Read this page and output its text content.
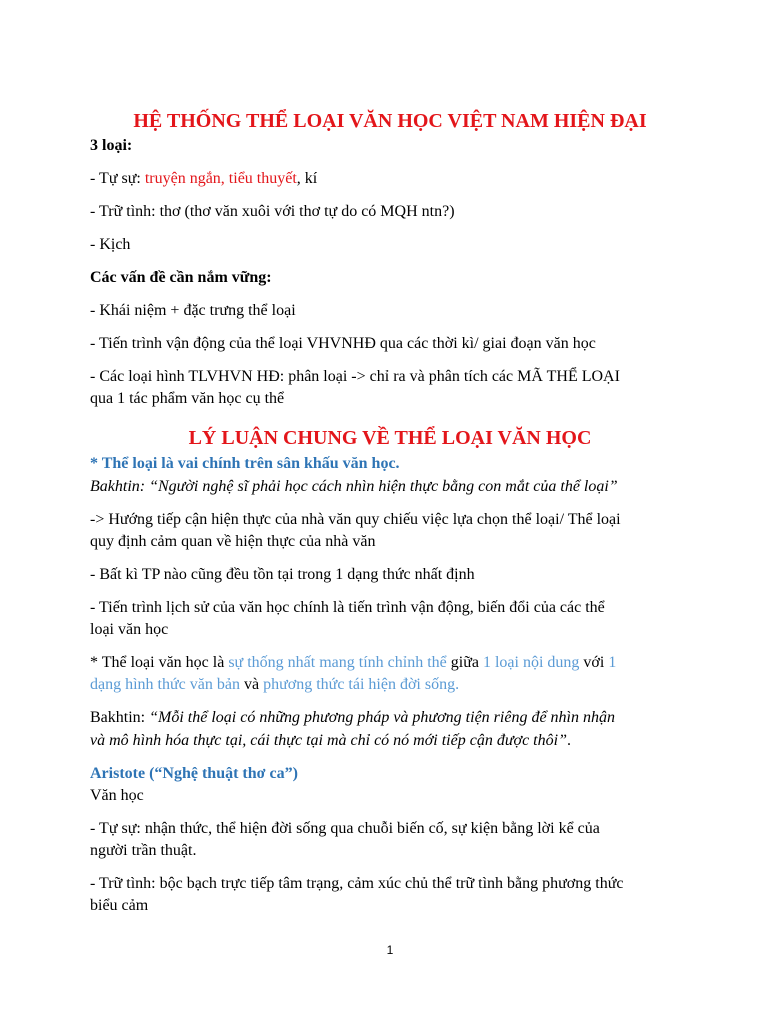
HỆ THỐNG THỂ LOẠI VĂN HỌC VIỆT NAM HIỆN ĐẠI
3 loại:
- Tự sự: truyện ngắn, tiểu thuyết, kí
- Trữ tình: thơ (thơ văn xuôi với thơ tự do có MQH ntn?)
- Kịch
Các vấn đề cần nắm vững:
- Khái niệm + đặc trưng thể loại
- Tiến trình vận động của thể loại VHVNHĐ qua các thời kì/ giai đoạn văn học
- Các loại hình TLVHVN HĐ: phân loại -> chỉ ra và phân tích các MÃ THỂ LOẠI
qua 1 tác phẩm văn học cụ thể
LÝ LUẬN CHUNG VỀ THỂ LOẠI VĂN HỌC
* Thể loại là vai chính trên sân khấu văn học.
Bakhtin: “Người nghệ sĩ phải học cách nhìn hiện thực bằng con mắt của thể loại”
-> Hướng tiếp cận hiện thực của nhà văn quy chiếu việc lựa chọn thể loại/ Thể loại
quy định cảm quan về hiện thực của nhà văn
- Bất kì TP nào cũng đều tồn tại trong 1 dạng thức nhất định
- Tiến trình lịch sử của văn học chính là tiến trình vận động, biến đổi của các thể
loại văn học
* Thể loại văn học là sự thống nhất mang tính chỉnh thể giữa 1 loại nội dung với 1
dạng hình thức văn bản và phương thức tái hiện đời sống.
Bakhtin: “Mỗi thể loại có những phương pháp và phương tiện riêng để nhìn nhận
và mô hình hóa thực tại, cái thực tại mà chỉ có nó mới tiếp cận được thôi”.
Aristote (“Nghệ thuật thơ ca”)
Văn học
- Tự sự: nhận thức, thể hiện đời sống qua chuỗi biến cố, sự kiện bằng lời kể của
người trần thuật.
- Trữ tình: bộc bạch trực tiếp tâm trạng, cảm xúc chủ thể trữ tình bằng phương thức
biểu cảm
1
